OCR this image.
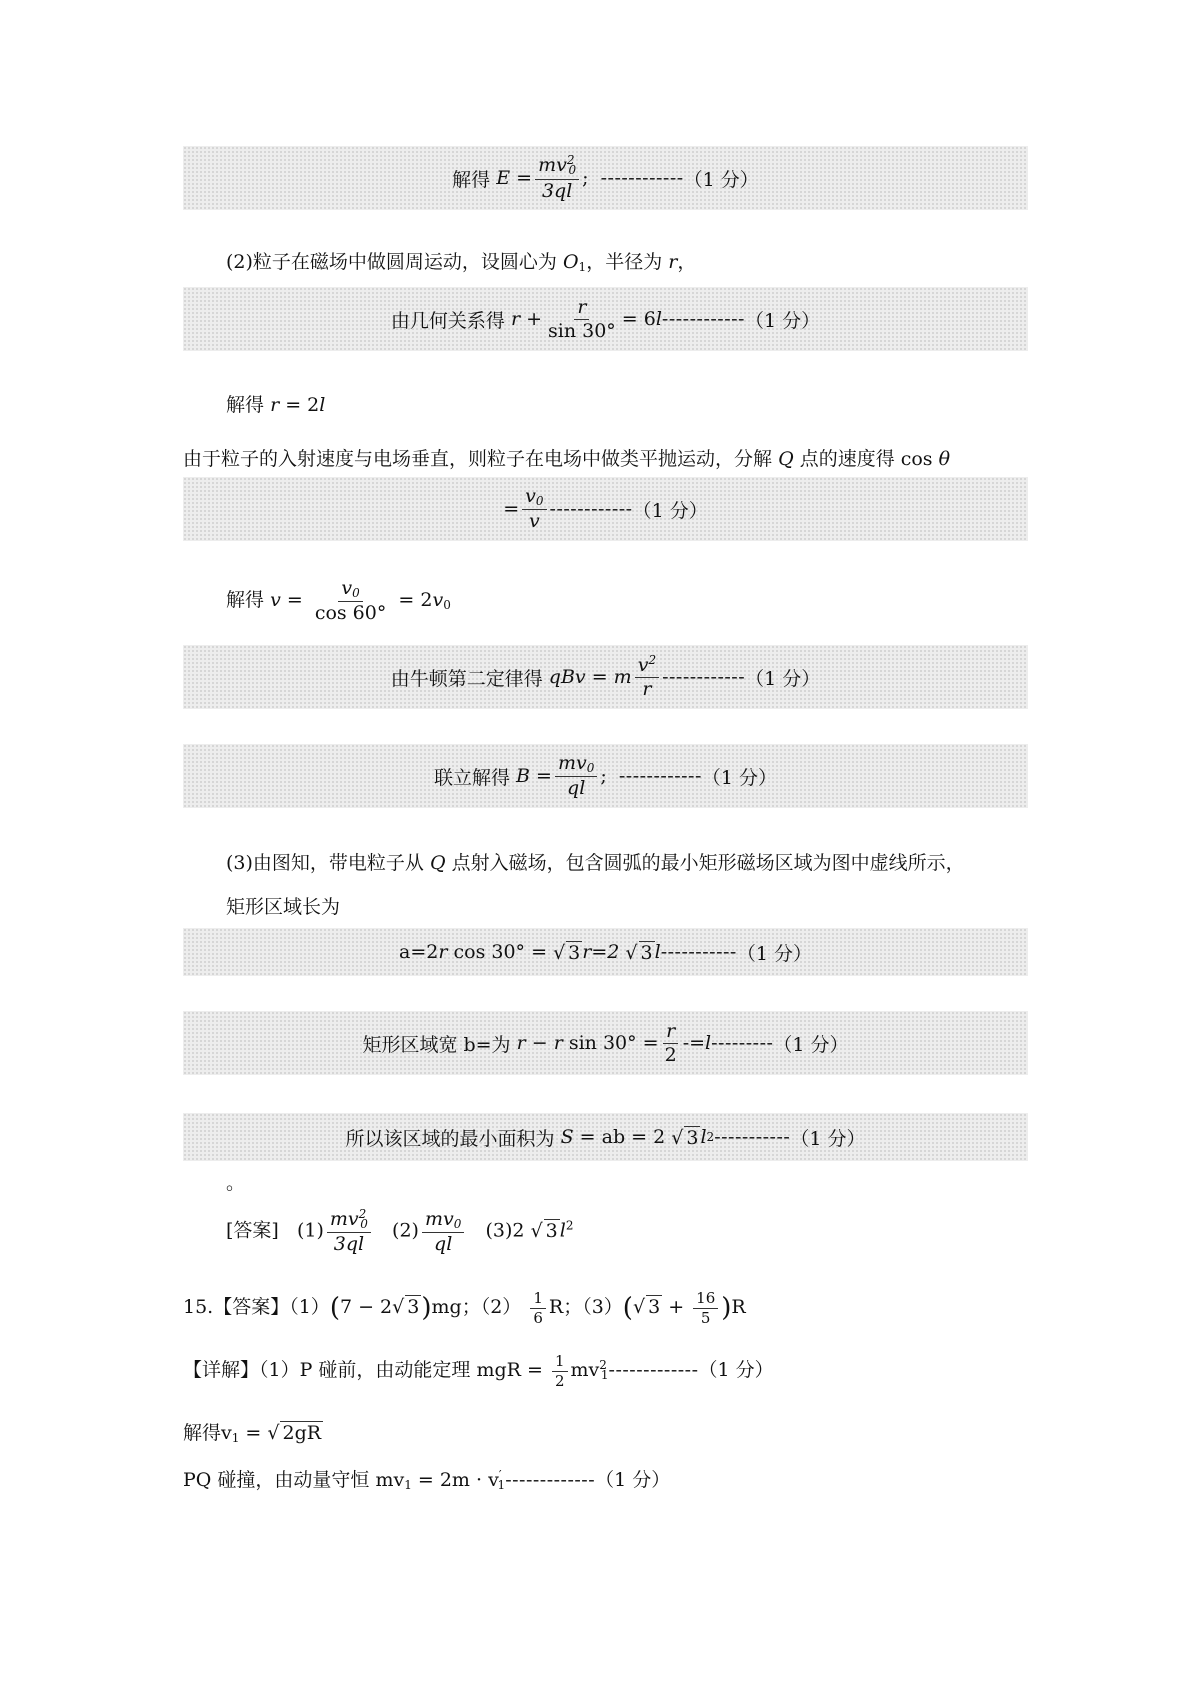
解得
E
= $\frac{mv^2_0}{3ql}$ ;
------------ （1 分）
(2)粒子在磁场中做圆周运动，设圆心为 $O_1$，半径为 r，
由几何关系得
r
+ $\frac{r}{\sin 30^\circ} = 6$ l ------------ （1 分）
解得 r = 2l
由于粒子的入射速度与电场垂直，则粒子在电场中做类平抛运动，分解 Q 点的速度得 cos θ
= $\frac{v_0}{v}$ ------------ （1 分）
解得 $v = \frac{v_0}{\cos 60^\circ} = 2v_0$
由牛顿第二定律得
qBv
=
m $\frac{v^2}{r}$ ------------ （1 分）
联立解得
B
= $\frac{mv_0}{ql}$ ;
------------ （1 分）
(3)由图知，带电粒子从 Q 点射入磁场，包含圆弧的最小矩形磁场区域为图中虚线所示，
矩形区域长为
a=2 r
cos 30° =
√ 3 r =2
√ 3 l ----------- （1 分）
矩形区域宽 b=为
r
−
r
$\sin 30^\circ = \frac{r}{2} -= l$ --------- （1 分）
所以该区域的最小面积为
S
= ab = 2
√ 3 l 2 ----------- （1 分）
。
[答案] $(1) \frac{mv^2_0}{3ql} (2) \frac{mv_0}{ql} (3)2$ √ 3 $l^2$
15.【答案】（1）(7 − 2√ 3)mg；$(2) \frac{1}{6}$ R；（3）(√ $3 + \frac{16}{5} )R$
【详解】（1）P 碰前，由动能定理 mgR = $\frac{1}{2} mv^2_1-------------(1$ 分）
解得$v_1$ = √ 2gR
PQ 碰撞，由动量守恒 $mv_1 = 2m \cdot v'_1-------------(1$ 分）
